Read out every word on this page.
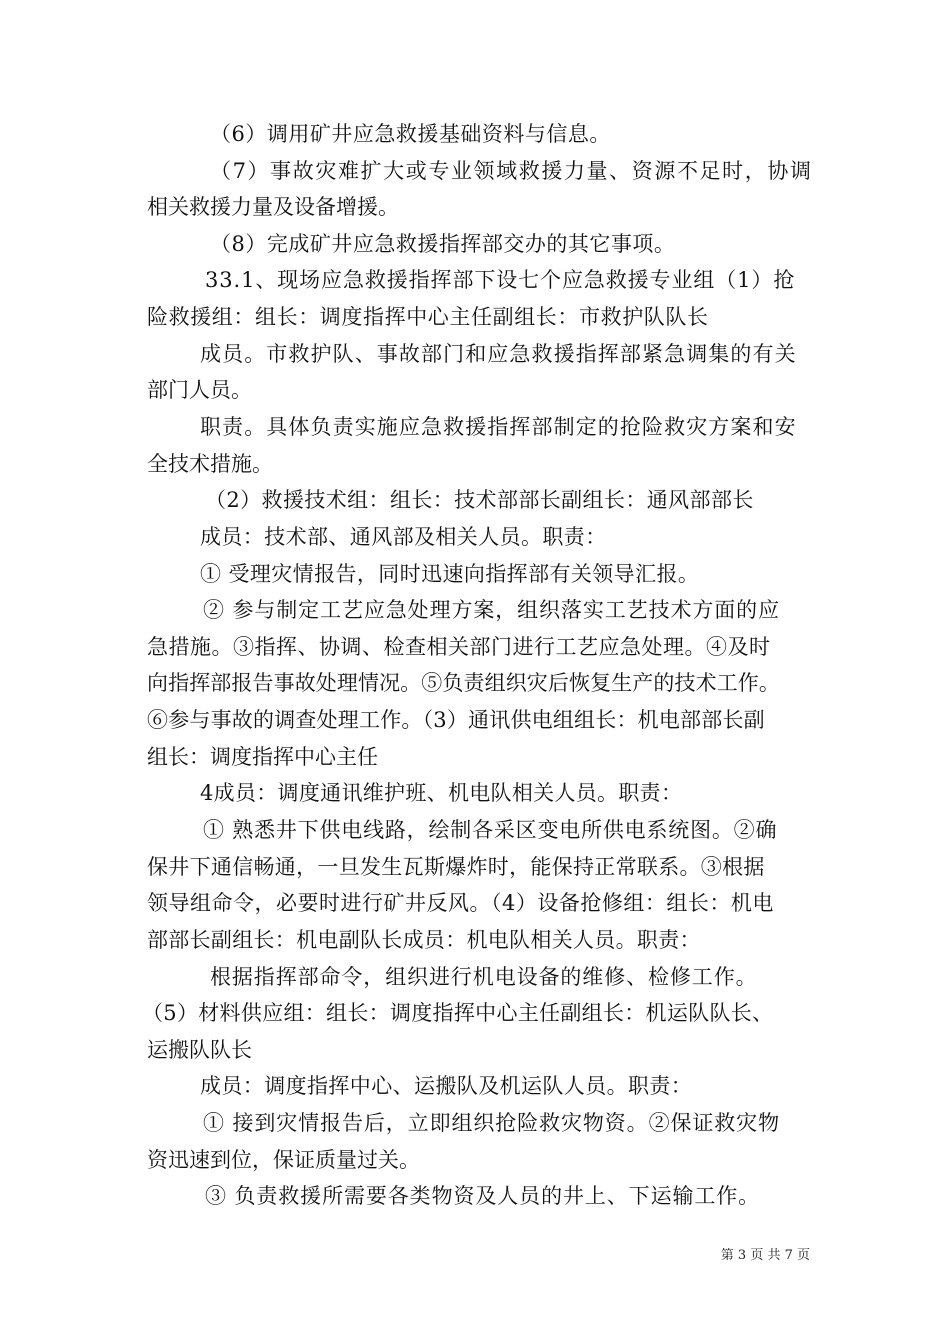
（6）调用矿井应急救援基础资料与信息。
（7）事故灾难扩大或专业领域救援力量、资源不足时，协调
相关救援力量及设备增援。
（8）完成矿井应急救援指挥部交办的其它事项。
33.1、现场应急救援指挥部下设七个应急救援专业组（1）抢
险救援组：组长：调度指挥中心主任副组长：市救护队队长
成员。市救护队、事故部门和应急救援指挥部紧急调集的有关
部门人员。
职责。具体负责实施应急救援指挥部制定的抢险救灾方案和安
全技术措施。
（2）救援技术组：组长：技术部部长副组长：通风部部长
成员：技术部、通风部及相关人员。职责：
① 受理灾情报告，同时迅速向指挥部有关领导汇报。
② 参与制定工艺应急处理方案，组织落实工艺技术方面的应
急措施。③指挥、协调、检查相关部门进行工艺应急处理。④及时
向指挥部报告事故处理情况。⑤负责组织灾后恢复生产的技术工作。
⑥参与事故的调查处理工作。（3）通讯供电组组长：机电部部长副
组长：调度指挥中心主任
4成员：调度通讯维护班、机电队相关人员。职责：
① 熟悉井下供电线路，绘制各采区变电所供电系统图。②确
保井下通信畅通，一旦发生瓦斯爆炸时，能保持正常联系。③根据
领导组命令，必要时进行矿井反风。（4）设备抢修组：组长：机电
部部长副组长：机电副队长成员：机电队相关人员。职责：
根据指挥部命令，组织进行机电设备的维修、检修工作。
（5）材料供应组：组长：调度指挥中心主任副组长：机运队队长、
运搬队队长
成员：调度指挥中心、运搬队及机运队人员。职责：
① 接到灾情报告后，立即组织抢险救灾物资。②保证救灾物
资迅速到位，保证质量过关。
③ 负责救援所需要各类物资及人员的井上、下运输工作。
第 3 页 共 7 页
